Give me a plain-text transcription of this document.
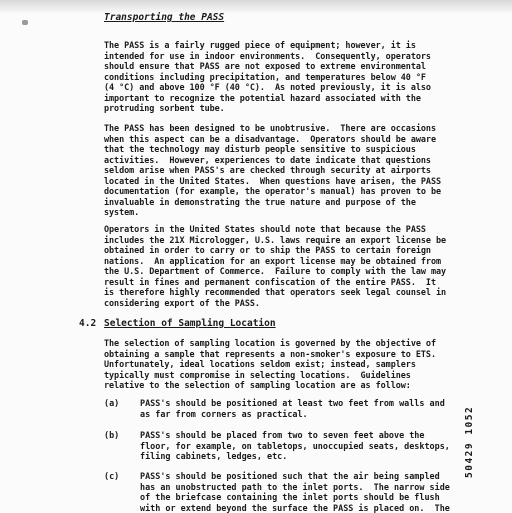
Transporting the PASS
The PASS is a fairly rugged piece of equipment; however, it is
intended for use in indoor environments.  Consequently, operators
should ensure that PASS are not exposed to extreme environmental
conditions including precipitation, and temperatures below 40 °F
(4 °C) and above 100 °F (40 °C).  As noted previously, it is also
important to recognize the potential hazard associated with the
protruding sorbent tube.
The PASS has been designed to be unobtrusive.  There are occasions
when this aspect can be a disadvantage.  Operators should be aware
that the technology may disturb people sensitive to suspicious
activities.  However, experiences to date indicate that questions
seldom arise when PASS's are checked through security at airports
located in the United States.  When questions have arisen, the PASS
documentation (for example, the operator's manual) has proven to be
invaluable in demonstrating the true nature and purpose of the
system.
Operators in the United States should note that because the PASS
includes the 21X Micrologger, U.S. laws require an export license be
obtained in order to carry or to ship the PASS to certain foreign
nations.  An application for an export license may be obtained from
the U.S. Department of Commerce.  Failure to comply with the law may
result in fines and permanent confiscation of the entire PASS.  It
is therefore highly recommended that operators seek legal counsel in
considering export of the PASS.
4.2 Selection of Sampling Location
The selection of sampling location is governed by the objective of
obtaining a sample that represents a non-smoker's exposure to ETS.
Unfortunately, ideal locations seldom exist; instead, samplers
typically must compromise in selecting locations.  Guidelines
relative to the selection of sampling location are as follow:
(a) PASS's should be positioned at least two feet from walls and
as far from corners as practical.
(b) PASS's should be placed from two to seven feet above the
floor, for example, on tabletops, unoccupied seats, desktops,
filing cabinets, ledges, etc.
(c) PASS's should be positioned such that the air being sampled
has an unobstructed path to the inlet ports.  The narrow side
of the briefcase containing the inlet ports should be flush
with or extend beyond the surface the PASS is placed on.  The
50429 1052
